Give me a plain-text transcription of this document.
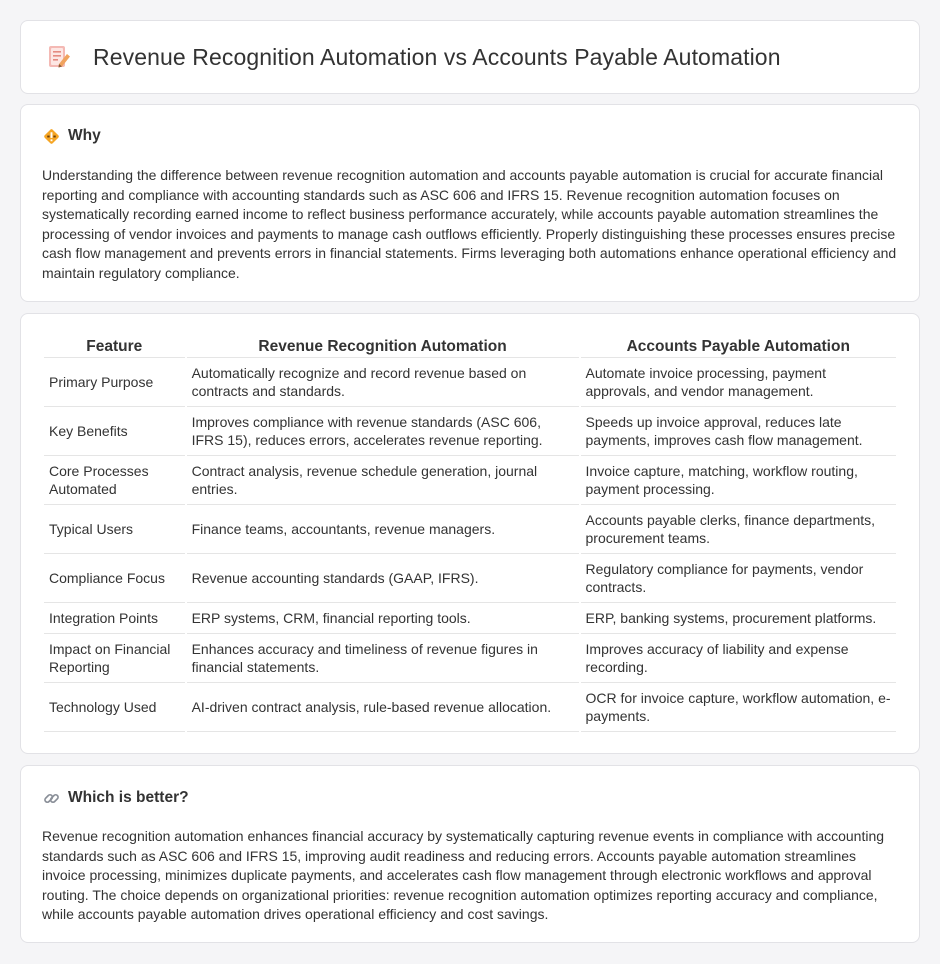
Revenue Recognition Automation vs Accounts Payable Automation
Why

Understanding the difference between revenue recognition automation and accounts payable automation is crucial for accurate financial reporting and compliance with accounting standards such as ASC 606 and IFRS 15. Revenue recognition automation focuses on systematically recording earned income to reflect business performance accurately, while accounts payable automation streamlines the processing of vendor invoices and payments to manage cash outflows efficiently. Properly distinguishing these processes ensures precise cash flow management and prevents errors in financial statements. Firms leveraging both automations enhance operational efficiency and maintain regulatory compliance.

Feature	Revenue Recognition Automation	Accounts Payable Automation
Primary Purpose	Automatically recognize and record revenue based on contracts and standards.	Automate invoice processing, payment approvals, and vendor management.
Key Benefits	Improves compliance with revenue standards (ASC 606, IFRS 15), reduces errors, accelerates revenue reporting.	Speeds up invoice approval, reduces late payments, improves cash flow management.
Core Processes Automated	Contract analysis, revenue schedule generation, journal entries.	Invoice capture, matching, workflow routing, payment processing.
Typical Users	Finance teams, accountants, revenue managers.	Accounts payable clerks, finance departments, procurement teams.
Compliance Focus	Revenue accounting standards (GAAP, IFRS).	Regulatory compliance for payments, vendor contracts.
Integration Points	ERP systems, CRM, financial reporting tools.	ERP, banking systems, procurement platforms.
Impact on Financial Reporting	Enhances accuracy and timeliness of revenue figures in financial statements.	Improves accuracy of liability and expense recording.
Technology Used	AI-driven contract analysis, rule-based revenue allocation.	OCR for invoice capture, workflow automation, e-payments.
Which is better?

Revenue recognition automation enhances financial accuracy by systematically capturing revenue events in compliance with accounting standards such as ASC 606 and IFRS 15, improving audit readiness and reducing errors. Accounts payable automation streamlines invoice processing, minimizes duplicate payments, and accelerates cash flow management through electronic workflows and approval routing. The choice depends on organizational priorities: revenue recognition automation optimizes reporting accuracy and compliance, while accounts payable automation drives operational efficiency and cost savings.
